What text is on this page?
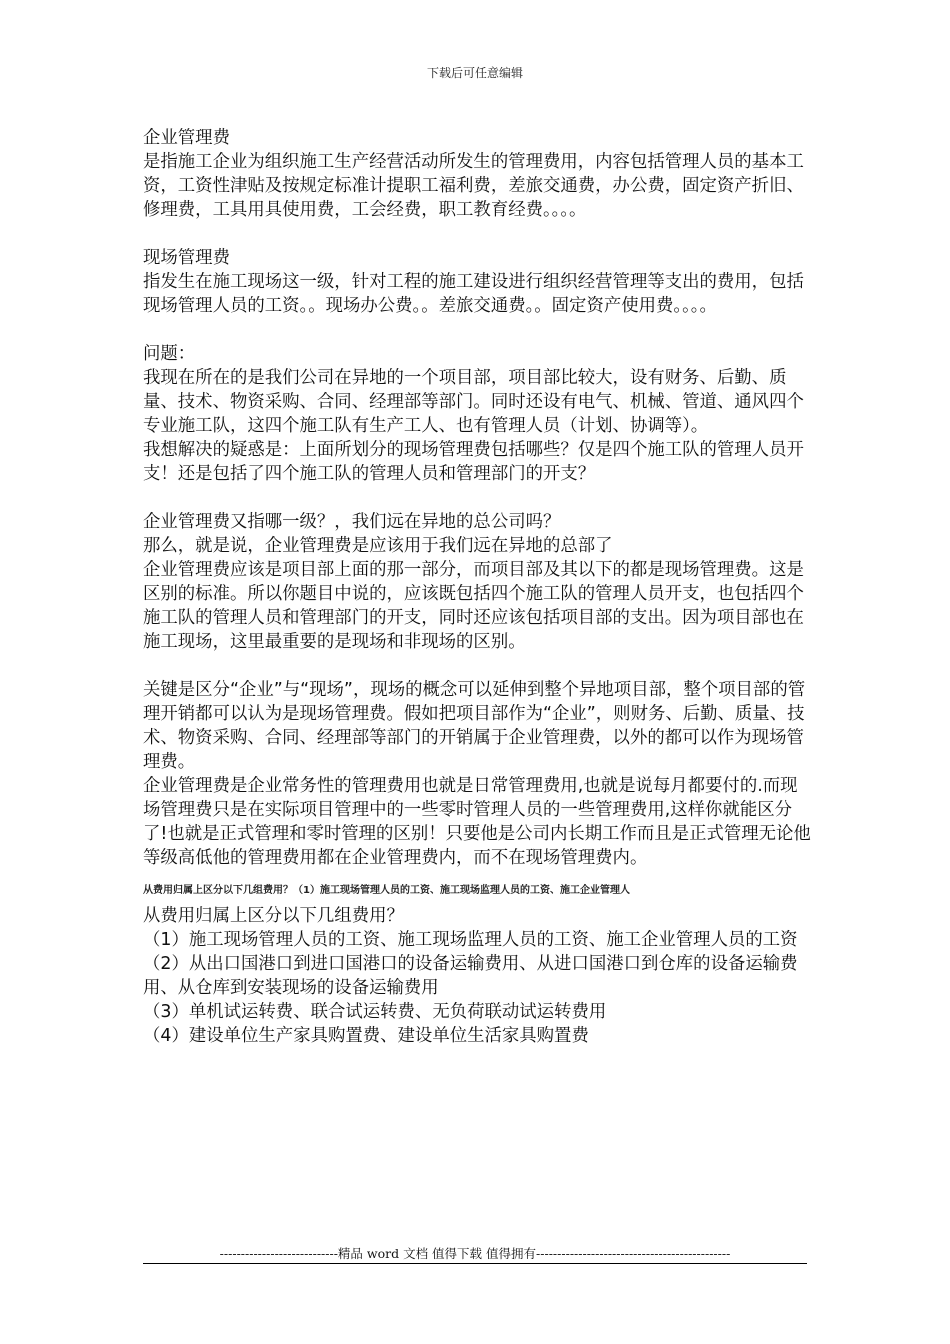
下载后可任意编辑

企业管理费

是指施工企业为组织施工生产经营活动所发生的管理费用，内容包括管理人员的基本工资，工资性津贴及按规定标准计提职工福利费，差旅交通费，办公费，固定资产折旧、修理费，工具用具使用费，工会经费，职工教育经费。。。。

现场管理费

指发生在施工现场这一级，针对工程的施工建设进行组织经营管理等支出的费用，包括现场管理人员的工资。。现场办公费。。差旅交通费。。固定资产使用费。。。。

问题：

我现在所在的是我们公司在异地的一个项目部，项目部比较大，设有财务、后勤、质量、技术、物资采购、合同、经理部等部门。同时还设有电气、机械、管道、通风四个专业施工队，这四个施工队有生产工人、也有管理人员（计划、协调等）。

我想解决的疑惑是：上面所划分的现场管理费包括哪些？仅是四个施工队的管理人员开支！还是包括了四个施工队的管理人员和管理部门的开支？

企业管理费又指哪一级？，我们远在异地的总公司吗？

那么，就是说，企业管理费是应该用于我们远在异地的总部了

企业管理费应该是项目部上面的那一部分，而项目部及其以下的都是现场管理费。这是区别的标准。所以你题目中说的，应该既包括四个施工队的管理人员开支，也包括四个施工队的管理人员和管理部门的开支，同时还应该包括项目部的支出。因为项目部也在施工现场，这里最重要的是现场和非现场的区别。

关键是区分“企业”与“现场”，现场的概念可以延伸到整个异地项目部，整个项目部的管理开销都可以认为是现场管理费。假如把项目部作为“企业”，则财务、后勤、质量、技术、物资采购、合同、经理部等部门的开销属于企业管理费，以外的都可以作为现场管理费。

企业管理费是企业常务性的管理费用也就是日常管理费用,也就是说每月都要付的.而现场管理费只是在实际项目管理中的一些零时管理人员的一些管理费用,这样你就能区分了!也就是正式管理和零时管理的区别！只要他是公司内长期工作而且是正式管理无论他等级高低他的管理费用都在企业管理费内，而不在现场管理费内。

从费用归属上区分以下几组费用？（1）施工现场管理人员的工资、施工现场监理人员的工资、施工企业管理人

从费用归属上区分以下几组费用？

（1）施工现场管理人员的工资、施工现场监理人员的工资、施工企业管理人员的工资

（2）从出口国港口到进口国港口的设备运输费用、从进口国港口到仓库的设备运输费用、从仓库到安装现场的设备运输费用

（3）单机试运转费、联合试运转费、无负荷联动试运转费用

（4）建设单位生产家具购置费、建设单位生活家具购置费

----------------------------精品 word 文档 值得下载 值得拥有----------------------------------------------
